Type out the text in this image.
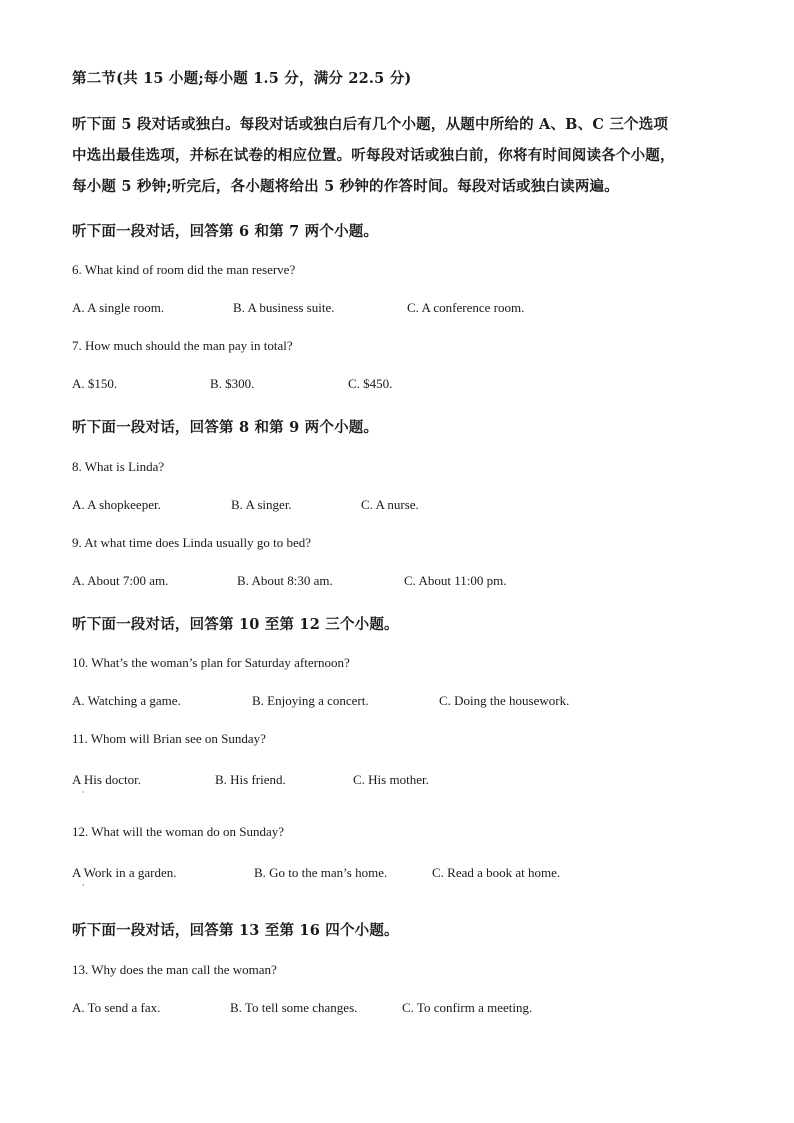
第二节(共 15 小题;每小题 1.5 分，满分 22.5 分)
听下面 5 段对话或独白。每段对话或独白后有几个小题，从题中所给的 A、B、C 三个选项
中选出最佳选项，并标在试卷的相应位置。听每段对话或独白前，你将有时间阅读各个小题，
每小题 5 秒钟;听完后，各小题将给出 5 秒钟的作答时间。每段对话或独白读两遍。
听下面一段对话，回答第 6 和第 7 两个小题。
6. What kind of room did the man reserve?
A. A single room.	B. A business suite.	C. A conference room.
7. How much should the man pay in total?
A. $150.	B. $300.	C. $450.
听下面一段对话，回答第 8 和第 9 两个小题。
8. What is Linda?
A. A shopkeeper.	B. A singer.	C. A nurse.
9. At what time does Linda usually go to bed?
A. About 7:00 am.	B. About 8:30 am.	C. About 11:00 pm.
听下面一段对话，回答第 10 至第 12 三个小题。
10. What’s the woman’s plan for Saturday afternoon?
A. Watching a game.	B. Enjoying a concert.	C. Doing the housework.
11. Whom will Brian see on Sunday?
A His doctor.
·
B. His friend.	C. His mother.
12. What will the woman do on Sunday?
A Work in a garden.
·
B. Go to the man’s home.	C. Read a book at home.
听下面一段对话，回答第 13 至第 16 四个小题。
13. Why does the man call the woman?
A. To send a fax.	B. To tell some changes.	C. To confirm a meeting.
